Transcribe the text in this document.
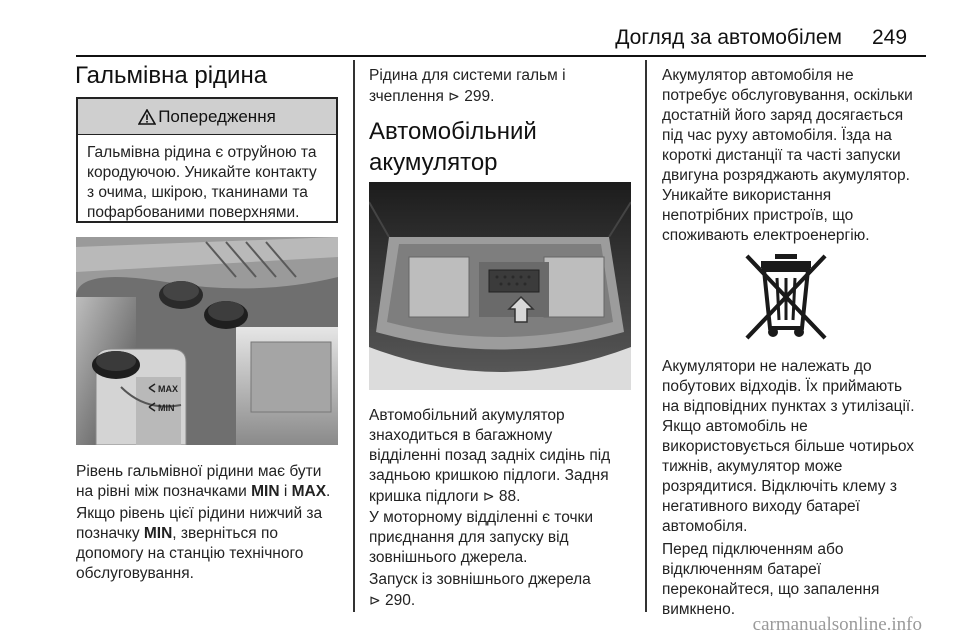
Догляд за автомобілем 249
Гальмівна рідина
Попередження
Гальмівна рідина є отруйною та
кородуючою. Уникайте контакту
з очима, шкірою, тканинами та
пофарбованими поверхнями.
MAX
MIN

Рівень гальмівної рідини має бути
на рівні між позначками MIN і MAX.

Якщо рівень цієї рідини нижчий за
позначку MIN, зверніться по
допомогу на станцію технічного
обслуговування.

Рідина для системи гальм і
зчеплення ⊳ 299.

Автомобільний
акумулятор

Автомобільний акумулятор
знаходиться в багажному
відділенні позад задніх сидінь під
задньою кришкою підлоги. Задня
кришка підлоги ⊳ 88.

У моторному відділенні є точки
приєднання для запуску від
зовнішнього джерела.

Запуск із зовнішнього джерела
⊳ 290.

Акумулятор автомобіля не
потребує обслуговування, оскільки
достатній його заряд досягається
під час руху автомобіля. Їзда на
короткі дистанції та часті запуски
двигуна розряджають акумулятор.
Уникайте використання
непотрібних пристроїв, що
споживають електроенергію.

Акумулятори не належать до
побутових відходів. Їх приймають
на відповідних пунктах з утилізації.

Якщо автомобіль не
використовується більше чотирьох
тижнів, акумулятор може
розрядитися. Відключіть клему з
негативного виходу батареї
автомобіля.

Перед підключенням або
відключенням батареї
переконайтеся, що запалення
вимкнено.

carmanualsonline.info
